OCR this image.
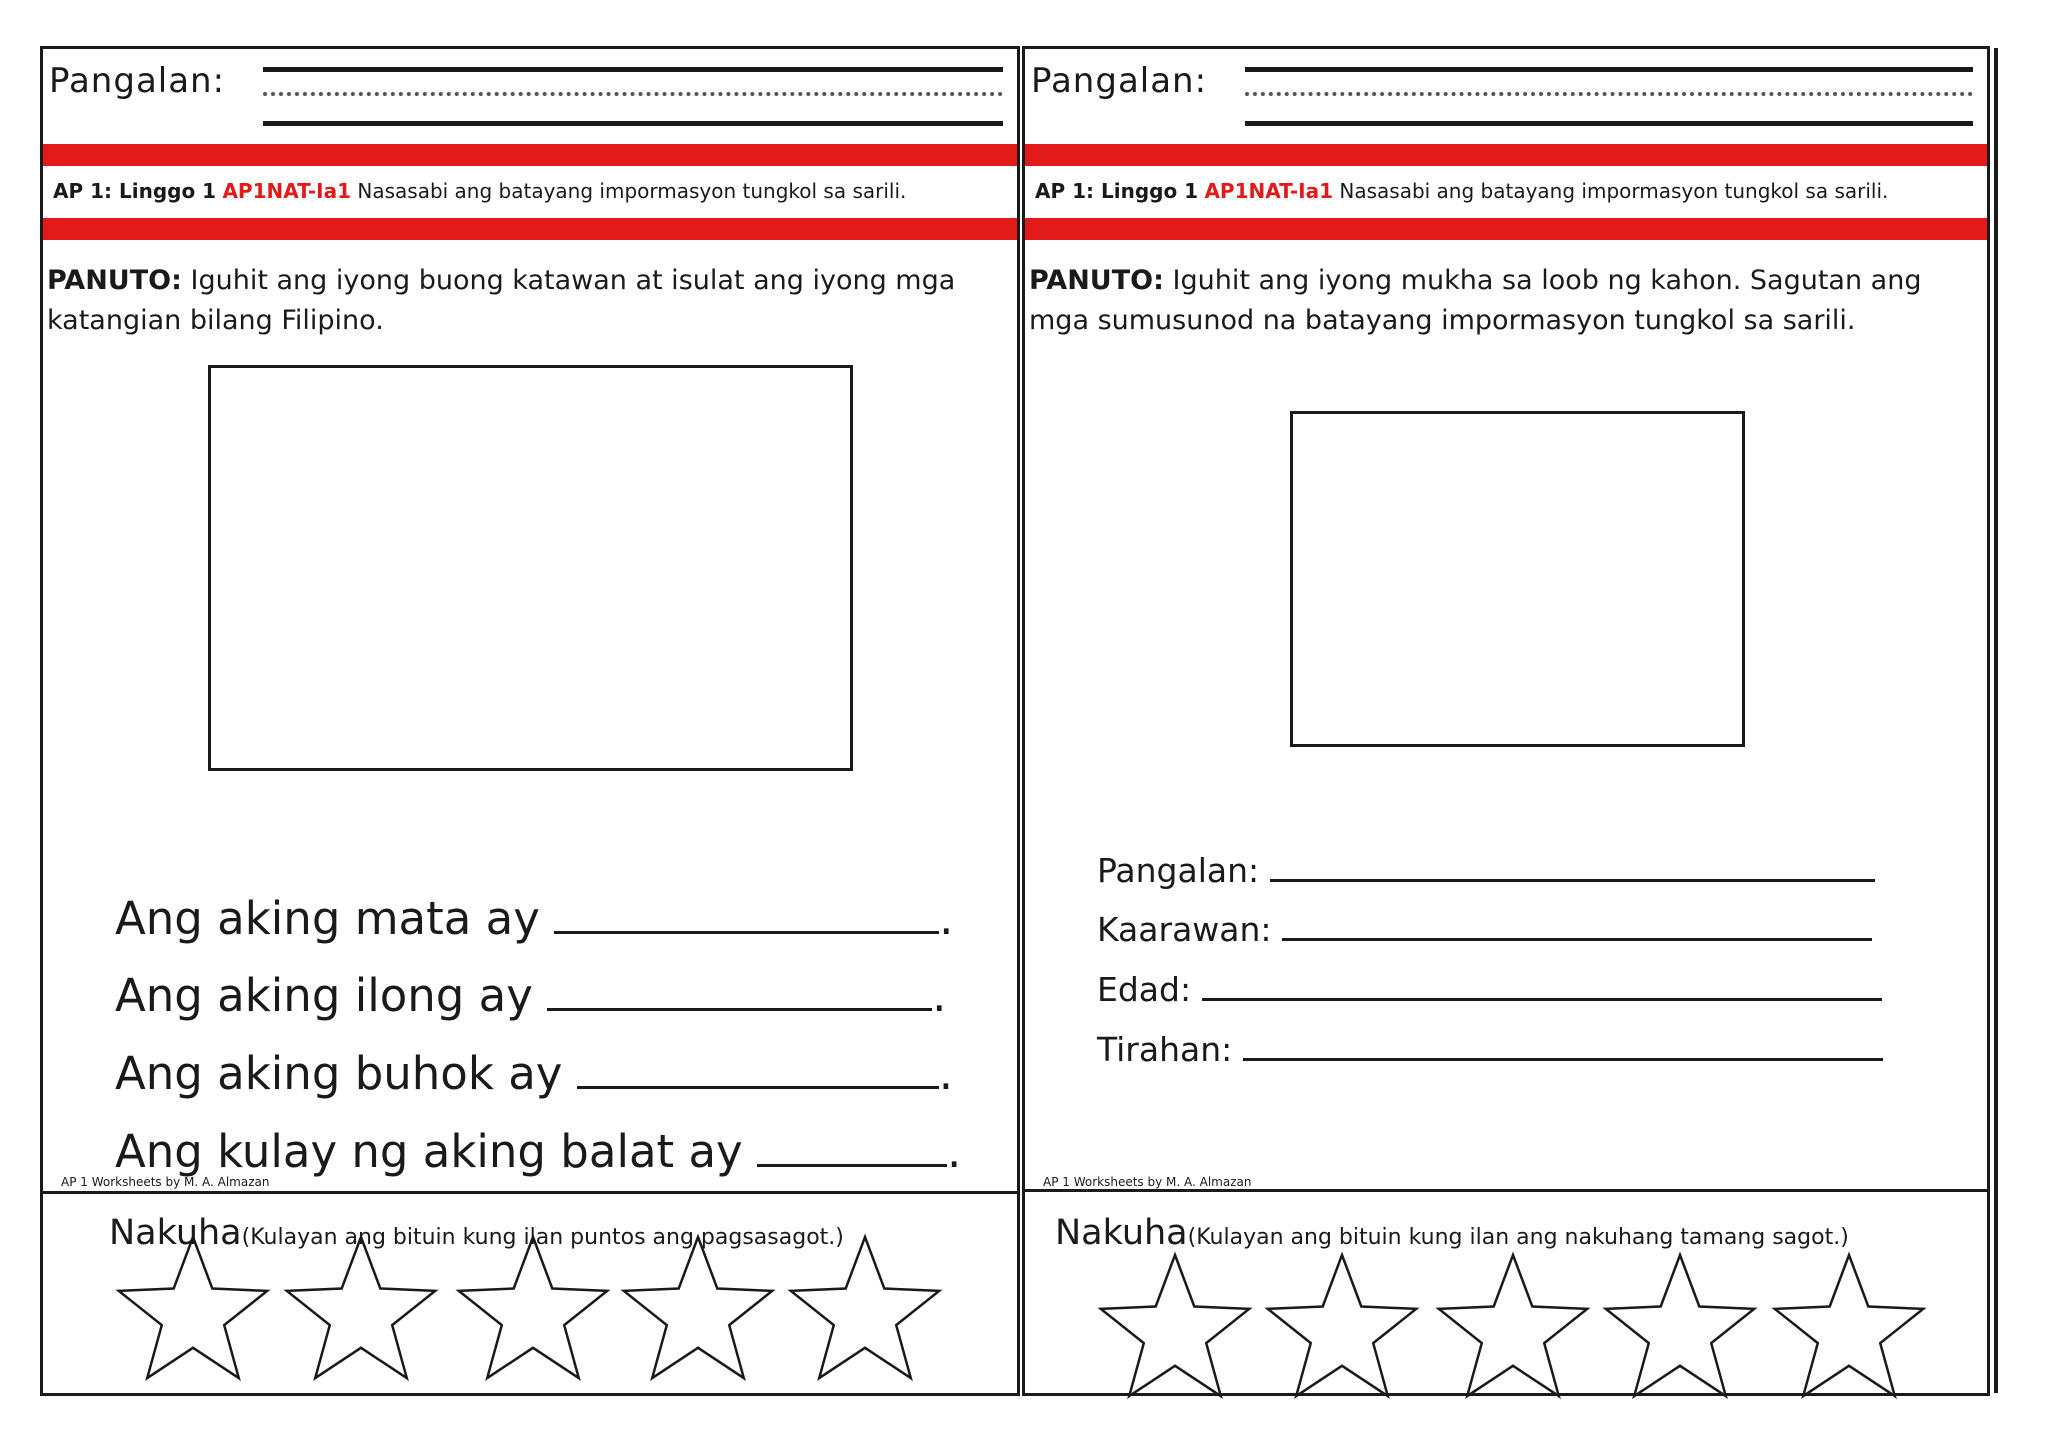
Pangalan:
AP 1: Linggo 1 AP1NAT-Ia1 Nasasabi ang batayang impormasyon tungkol sa sarili.
PANUTO: Iguhit ang iyong buong katawan at isulat ang iyong mga katangian bilang Filipino.
Ang aking mata ay	.
Ang aking ilong ay	.
Ang aking buhok ay	.
Ang kulay ng aking balat ay	.
AP 1 Worksheets by M. A. Almazan
Nakuha(Kulayan ang bituin kung ilan puntos ang pagsasagot.)
Pangalan:
AP 1: Linggo 1 AP1NAT-Ia1 Nasasabi ang batayang impormasyon tungkol sa sarili.
PANUTO: Iguhit ang iyong mukha sa loob ng kahon. Sagutan ang mga sumusunod na batayang impormasyon tungkol sa sarili.
Pangalan:
Kaarawan:
Edad:
Tirahan:
AP 1 Worksheets by M. A. Almazan
Nakuha(Kulayan ang bituin kung ilan ang nakuhang tamang sagot.)
